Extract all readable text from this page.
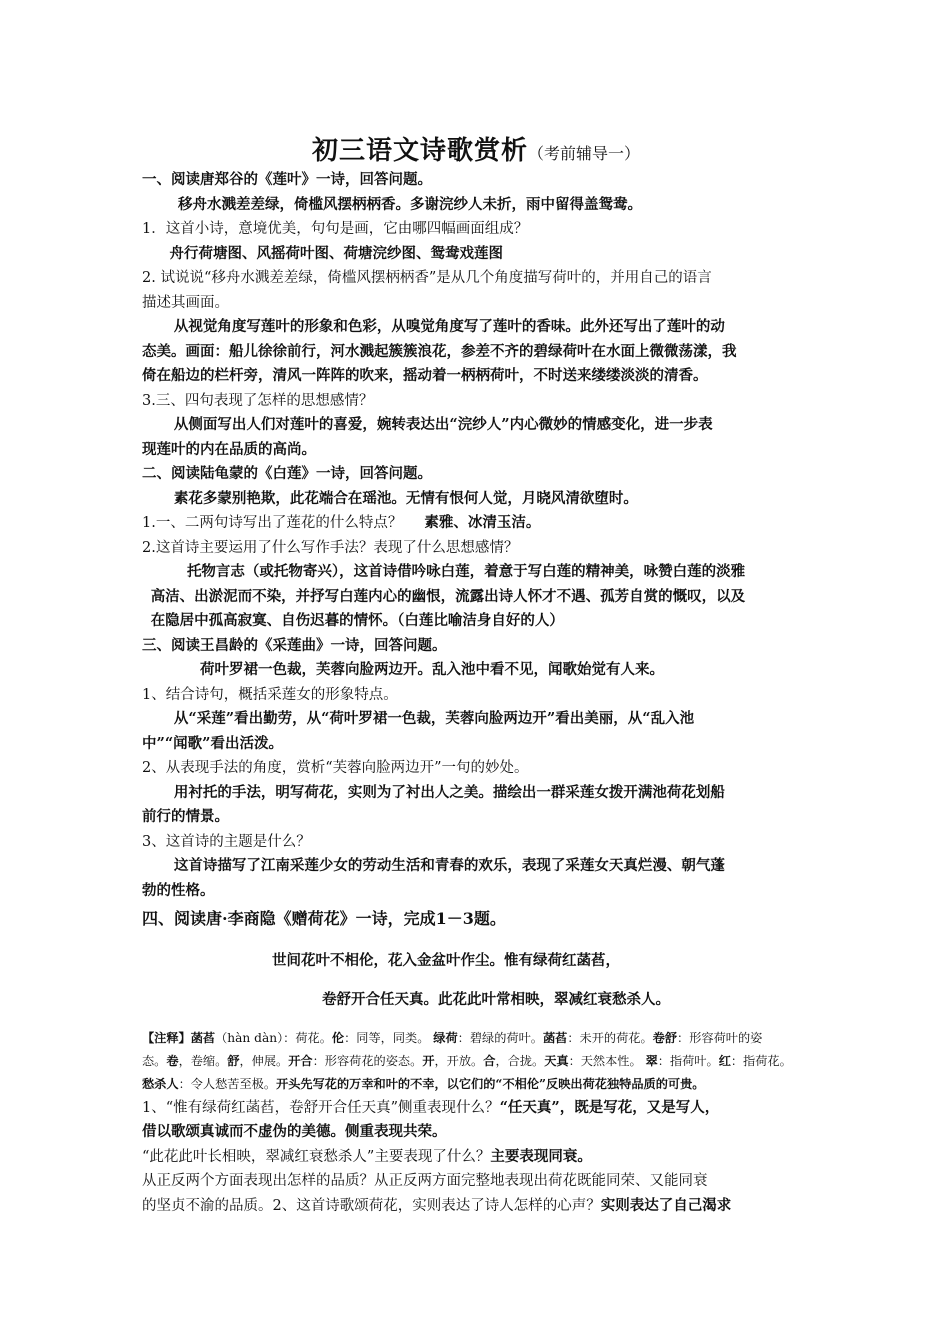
初三语文诗歌赏析（考前辅导一）

一、阅读唐郑谷的《莲叶》一诗，回答问题。

移舟水溅差差绿，倚槛风摆柄柄香。多谢浣纱人未折，雨中留得盖鸳鸯。

1．这首小诗，意境优美，句句是画，它由哪四幅画面组成？

舟行荷塘图、风摇荷叶图、荷塘浣纱图、鸳鸯戏莲图

2. 试说说“移舟水溅差差绿，倚槛风摆柄柄香”是从几个角度描写荷叶的，并用自己的语言

描述其画面。

从视觉角度写莲叶的形象和色彩，从嗅觉角度写了莲叶的香味。此外还写出了莲叶的动

态美。画面：船儿徐徐前行，河水溅起簇簇浪花，参差不齐的碧绿荷叶在水面上微微荡漾，我

倚在船边的栏杆旁，清风一阵阵的吹来，摇动着一柄柄荷叶，不时送来缕缕淡淡的清香。

3.三、四句表现了怎样的思想感情？

从侧面写出人们对莲叶的喜爱，婉转表达出“浣纱人”内心微妙的情感变化，进一步表

现莲叶的内在品质的高尚。

二、阅读陆龟蒙的《白莲》一诗，回答问题。

素花多蒙别艳欺，此花端合在瑶池。无情有恨何人觉，月晓风清欲堕时。

1.一、二两句诗写出了莲花的什么特点？ 素雅、冰清玉洁。

2.这首诗主要运用了什么写作手法？表现了什么思想感情？

托物言志（或托物寄兴），这首诗借吟咏白莲，着意于写白莲的精神美，咏赞白莲的淡雅

高洁、出淤泥而不染，并抒写白莲内心的幽恨，流露出诗人怀才不遇、孤芳自赏的慨叹，以及

在隐居中孤高寂寞、自伤迟暮的情怀。（白莲比喻洁身自好的人）

三、阅读王昌龄的《采莲曲》一诗，回答问题。

荷叶罗裙一色裁，芙蓉向脸两边开。乱入池中看不见，闻歌始觉有人来。

1、结合诗句，概括采莲女的形象特点。

从“采莲”看出勤劳，从“荷叶罗裙一色裁，芙蓉向脸两边开”看出美丽，从“乱入池

中”“闻歌”看出活泼。

2、从表现手法的角度，赏析“芙蓉向脸两边开”一句的妙处。

用衬托的手法，明写荷花，实则为了衬出人之美。描绘出一群采莲女拨开满池荷花划船

前行的情景。

3、这首诗的主题是什么？

这首诗描写了江南采莲少女的劳动生活和青春的欢乐，表现了采莲女天真烂漫、朝气蓬

勃的性格。

四、阅读唐·李商隐《赠荷花》一诗，完成1－3题。

世间花叶不相伦，花入金盆叶作尘。惟有绿荷红菡萏，

卷舒开合任天真。此花此叶常相映，翠减红衰愁杀人。

【注释】菡萏（hàn dàn）：荷花。伦：同等，同类。 绿荷：碧绿的荷叶。菡萏：未开的荷花。卷舒：形容荷叶的姿

态。卷，卷缩。舒，伸展。开合：形容荷花的姿态。开，开放。合，合拢。天真：天然本性。 翠：指荷叶。红：指荷花。

愁杀人：令人愁苦至极。开头先写花的万幸和叶的不幸，以它们的“不相伦”反映出荷花独特品质的可贵。

1、“惟有绿荷红菡萏，卷舒开合任天真”侧重表现什么？“任天真”，既是写花，又是写人，

借以歌颂真诚而不虚伪的美德。侧重表现共荣。

“此花此叶长相映，翠减红衰愁杀人”主要表现了什么？主要表现同衰。

从正反两个方面表现出怎样的品质？从正反两方面完整地表现出荷花既能同荣、又能同衰

的坚贞不渝的品质。2、这首诗歌颂荷花，实则表达了诗人怎样的心声？实则表达了自己渴求
